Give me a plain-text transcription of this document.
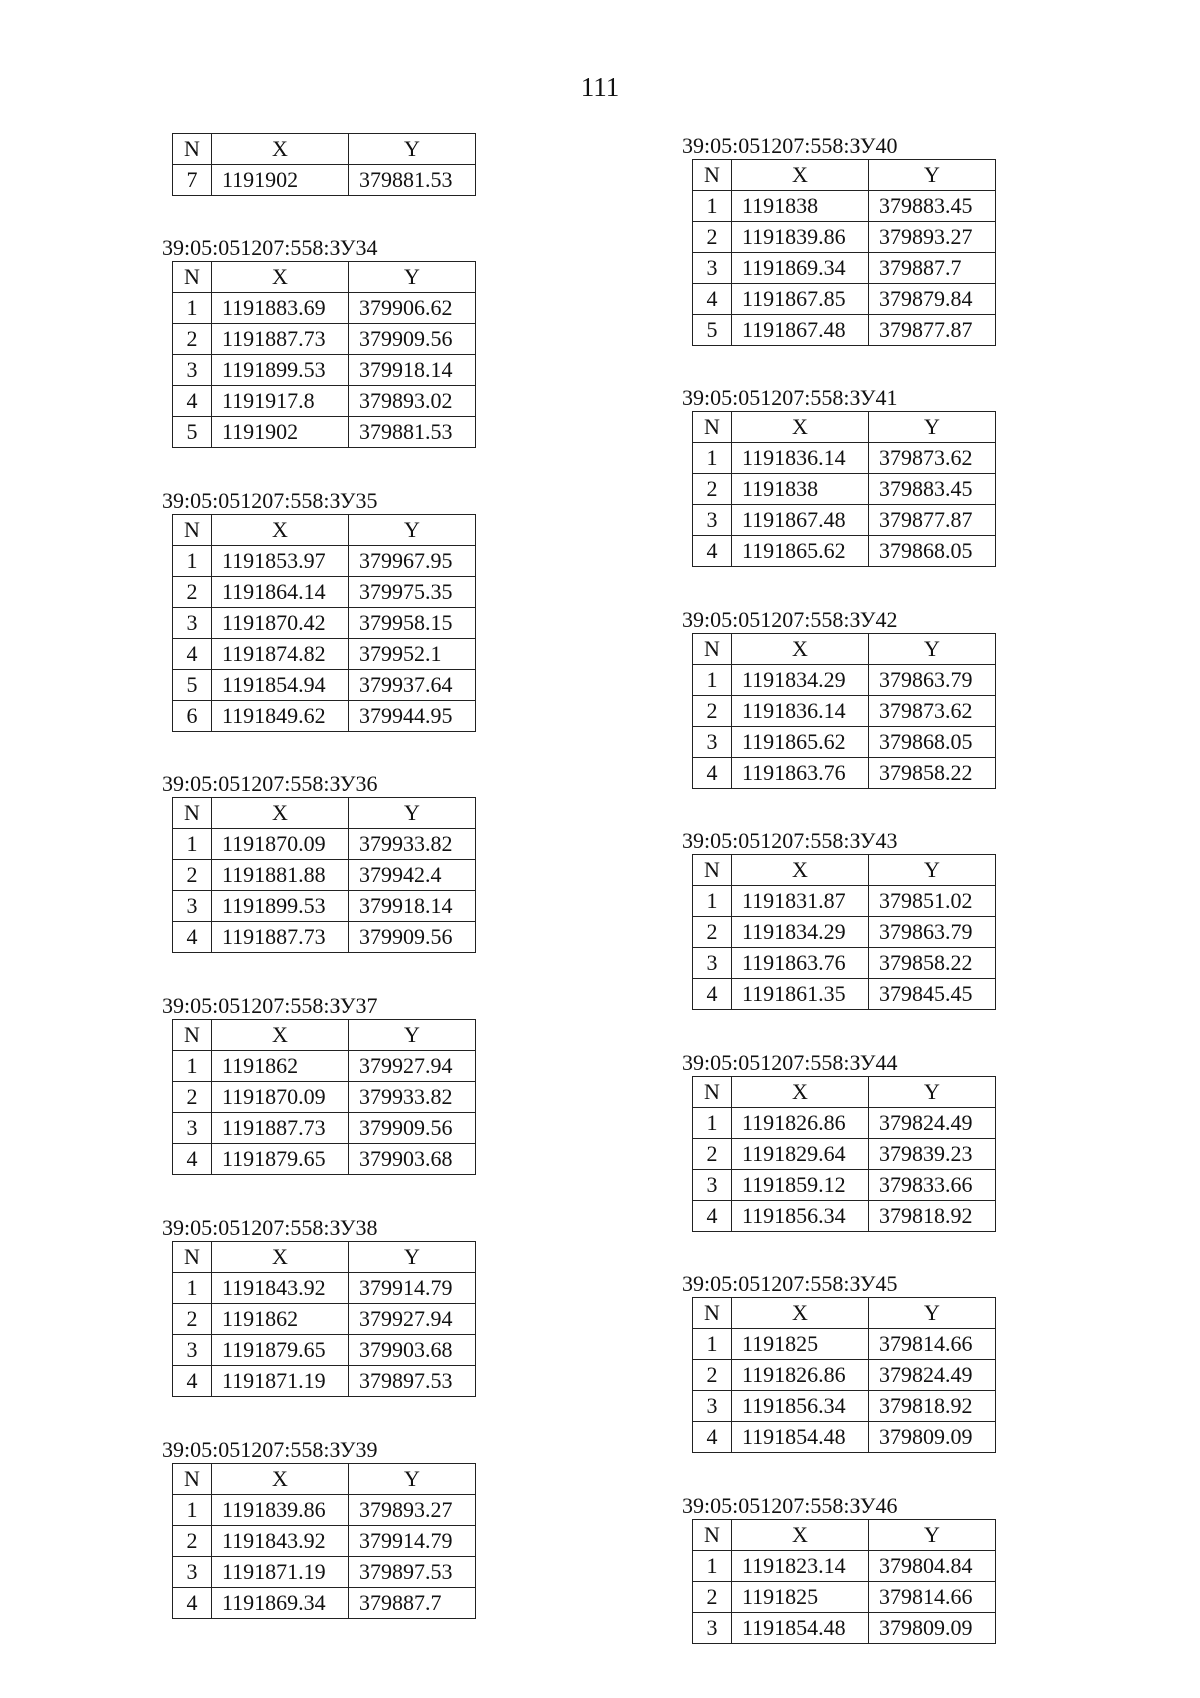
111
N	X	Y
7	1191902	379881.53
39:05:051207:558:ЗУ34
N	X	Y
1	1191883.69	379906.62
2	1191887.73	379909.56
3	1191899.53	379918.14
4	1191917.8	379893.02
5	1191902	379881.53
39:05:051207:558:ЗУ35
N	X	Y
1	1191853.97	379967.95
2	1191864.14	379975.35
3	1191870.42	379958.15
4	1191874.82	379952.1
5	1191854.94	379937.64
6	1191849.62	379944.95
39:05:051207:558:ЗУ36
N	X	Y
1	1191870.09	379933.82
2	1191881.88	379942.4
3	1191899.53	379918.14
4	1191887.73	379909.56
39:05:051207:558:ЗУ37
N	X	Y
1	1191862	379927.94
2	1191870.09	379933.82
3	1191887.73	379909.56
4	1191879.65	379903.68
39:05:051207:558:ЗУ38
N	X	Y
1	1191843.92	379914.79
2	1191862	379927.94
3	1191879.65	379903.68
4	1191871.19	379897.53
39:05:051207:558:ЗУ39
N	X	Y
1	1191839.86	379893.27
2	1191843.92	379914.79
3	1191871.19	379897.53
4	1191869.34	379887.7
39:05:051207:558:ЗУ40
N	X	Y
1	1191838	379883.45
2	1191839.86	379893.27
3	1191869.34	379887.7
4	1191867.85	379879.84
5	1191867.48	379877.87
39:05:051207:558:ЗУ41
N	X	Y
1	1191836.14	379873.62
2	1191838	379883.45
3	1191867.48	379877.87
4	1191865.62	379868.05
39:05:051207:558:ЗУ42
N	X	Y
1	1191834.29	379863.79
2	1191836.14	379873.62
3	1191865.62	379868.05
4	1191863.76	379858.22
39:05:051207:558:ЗУ43
N	X	Y
1	1191831.87	379851.02
2	1191834.29	379863.79
3	1191863.76	379858.22
4	1191861.35	379845.45
39:05:051207:558:ЗУ44
N	X	Y
1	1191826.86	379824.49
2	1191829.64	379839.23
3	1191859.12	379833.66
4	1191856.34	379818.92
39:05:051207:558:ЗУ45
N	X	Y
1	1191825	379814.66
2	1191826.86	379824.49
3	1191856.34	379818.92
4	1191854.48	379809.09
39:05:051207:558:ЗУ46
N	X	Y
1	1191823.14	379804.84
2	1191825	379814.66
3	1191854.48	379809.09
